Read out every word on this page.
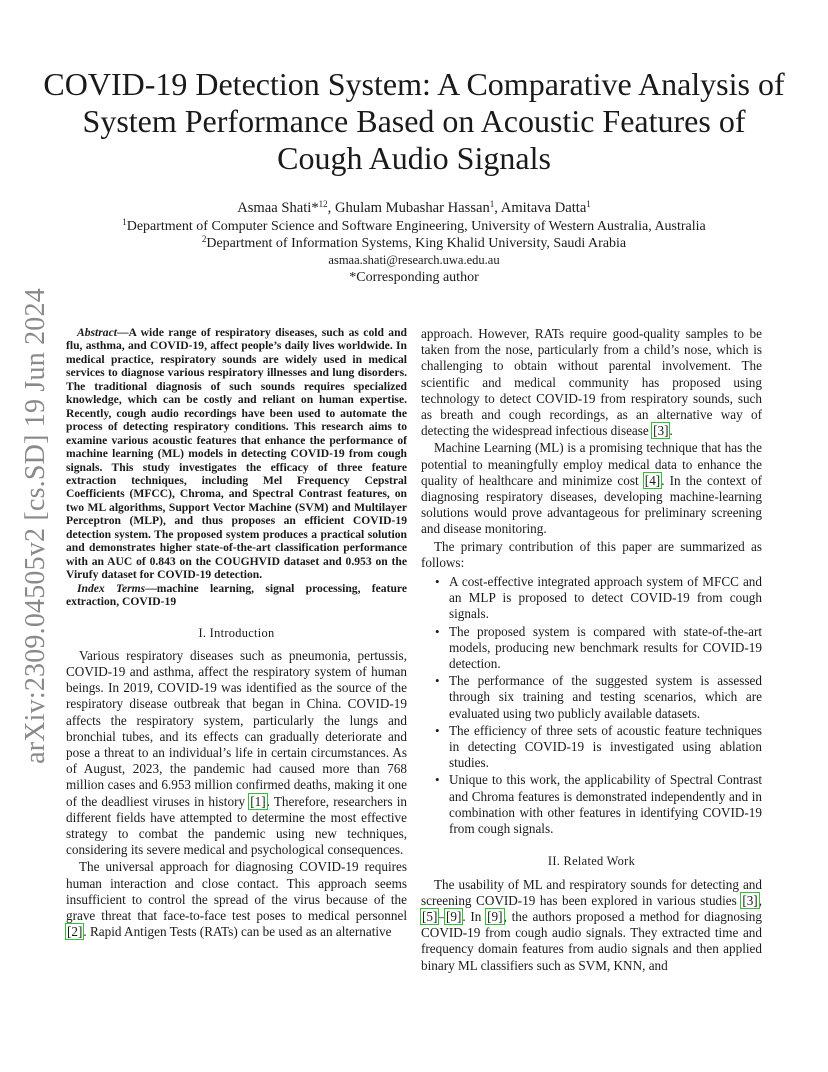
arXiv:2309.04505v2 [cs.SD] 19 Jun 2024
COVID-19 Detection System: A Comparative Analysis of System Performance Based on Acoustic Features of Cough Audio Signals
Asmaa Shati*$^{12}$, Ghulam Mubashar Hassan$^1$, Amitava Datta$^1$
$^1$Department of Computer Science and Software Engineering, University of Western Australia, Australia
$^2$Department of Information Systems, King Khalid University, Saudi Arabia
asmaa.shati@research.uwa.edu.au
*Corresponding author

Abstract—A wide range of respiratory diseases, such as cold and flu, asthma, and COVID-19, affect people’s daily lives worldwide. In medical practice, respiratory sounds are widely used in medical services to diagnose various respiratory illnesses and lung disorders. The traditional diagnosis of such sounds requires specialized knowledge, which can be costly and reliant on human expertise. Recently, cough audio recordings have been used to automate the process of detecting respiratory conditions. This research aims to examine various acoustic features that enhance the performance of machine learning (ML) models in detecting COVID-19 from cough signals. This study investigates the efficacy of three feature extraction techniques, including Mel Frequency Cepstral Coefficients (MFCC), Chroma, and Spectral Contrast features, on two ML algorithms, Support Vector Machine (SVM) and Multilayer Perceptron (MLP), and thus proposes an efficient COVID-19 detection system. The proposed system produces a practical solution and demonstrates higher state-of-the-art classification performance with an AUC of 0.843 on the COUGHVID dataset and 0.953 on the Virufy dataset for COVID-19 detection.

Index Terms—machine learning, signal processing, feature extraction, COVID-19

I. Introduction

Various respiratory diseases such as pneumonia, pertussis, COVID-19 and asthma, affect the respiratory system of human beings. In 2019, COVID-19 was identified as the source of the respiratory disease outbreak that began in China. COVID-19 affects the respiratory system, particularly the lungs and bronchial tubes, and its effects can gradually deteriorate and pose a threat to an individual’s life in certain circumstances. As of August, 2023, the pandemic had caused more than 768 million cases and 6.953 million confirmed deaths, making it one of the deadliest viruses in history [1]. Therefore, researchers in different fields have attempted to determine the most effective strategy to combat the pandemic using new techniques, considering its severe medical and psychological consequences.

The universal approach for diagnosing COVID-19 requires human interaction and close contact. This approach seems insufficient to control the spread of the virus because of the grave threat that face-to-face test poses to medical personnel [2]. Rapid Antigen Tests (RATs) can be used as an alternative

approach. However, RATs require good-quality samples to be taken from the nose, particularly from a child’s nose, which is challenging to obtain without parental involvement. The scientific and medical community has proposed using technology to detect COVID-19 from respiratory sounds, such as breath and cough recordings, as an alternative way of detecting the widespread infectious disease [3].

Machine Learning (ML) is a promising technique that has the potential to meaningfully employ medical data to enhance the quality of healthcare and minimize cost [4]. In the context of diagnosing respiratory diseases, developing machine-learning solutions would prove advantageous for preliminary screening and disease monitoring.

The primary contribution of this paper are summarized as follows:

• A cost-effective integrated approach system of MFCC and an MLP is proposed to detect COVID-19 from cough signals.
• The proposed system is compared with state-of-the-art models, producing new benchmark results for COVID-19 detection.
• The performance of the suggested system is assessed through six training and testing scenarios, which are evaluated using two publicly available datasets.
• The efficiency of three sets of acoustic feature techniques in detecting COVID-19 is investigated using ablation studies.
• Unique to this work, the applicability of Spectral Contrast and Chroma features is demonstrated independently and in combination with other features in identifying COVID-19 from cough signals.
II. Related Work

The usability of ML and respiratory sounds for detecting and screening COVID-19 has been explored in various studies [3], [5]–[9]. In [9], the authors proposed a method for diagnosing COVID-19 from cough audio signals. They extracted time and frequency domain features from audio signals and then applied binary ML classifiers such as SVM, KNN, and
